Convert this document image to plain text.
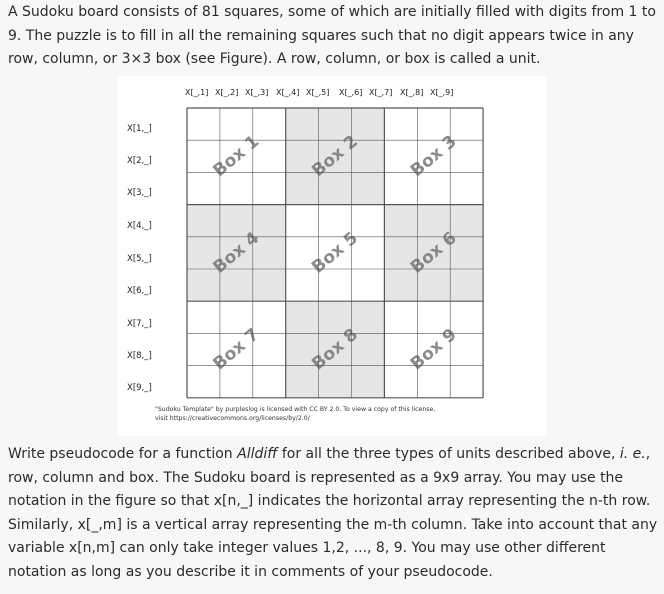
A Sudoku board consists of 81 squares, some of which are initially filled with digits from 1 to 9. The puzzle is to fill in all the remaining squares such that no digit appears twice in any row, column, or 3×3 box (see Figure). A row, column, or box is called a unit.

X[_,1] X[_,2] X[_,3] X[_,4] X[_,5] X[_,6] X[_,7] X[_,8] X[_,9]
X[1,_]
X[2,_]
X[3,_]
X[4,_]
X[5,_]
X[6,_]
X[7,_]
X[8,_]
X[9,_]
Box 1	Box 2	Box 3
Box 4	Box 5	Box 6
Box 7	Box 8	Box 9

"Sudoku Template" by purpleslog is licensed with CC BY 2.0. To view a copy of this license,
visit https://creativecommons.org/licenses/by/2.0/

Write pseudocode for a function Alldiff for all the three types of units described above, i. e., row, column and box. The Sudoku board is represented as a 9x9 array. You may use the notation in the figure so that x[n,_] indicates the horizontal array representing the n-th row. Similarly, x[_,m] is a vertical array representing the m-th column. Take into account that any variable x[n,m] can only take integer values 1,2, ..., 8, 9. You may use other different notation as long as you describe it in comments of your pseudocode.
